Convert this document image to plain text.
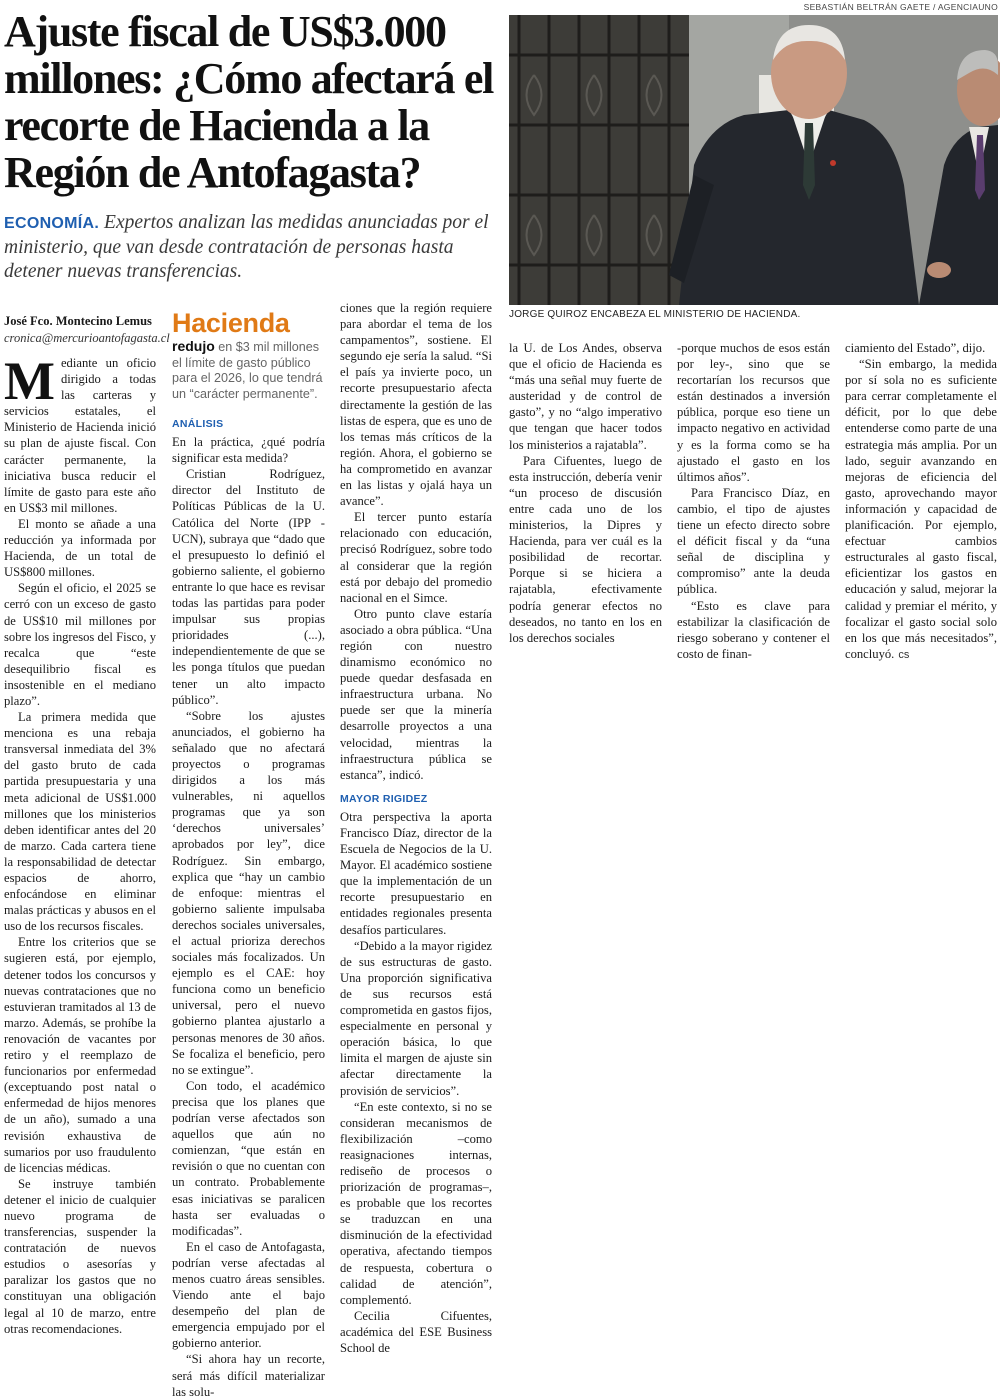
Ajuste fiscal de US$3.000 millones: ¿Cómo afectará el recorte de Hacienda a la Región de Antofagasta?

ECONOMÍA. Expertos analizan las medidas anunciadas por el ministerio, que van desde contratación de personas hasta detener nuevas transferencias.

SEBASTIÁN BELTRÁN GAETE / AGENCIAUNO
JORGE QUIROZ ENCABEZA EL MINISTERIO DE HACIENDA.
José Fco. Montecino Lemus
cronica@mercurioantofagasta.cl

Mediante un oficio dirigido a todas las carteras y servicios estatales, el Ministerio de Hacienda inició su plan de ajuste fiscal. Con carácter permanente, la iniciativa busca reducir el límite de gasto para este año en US$3 mil millones.

El monto se añade a una reducción ya informada por Hacienda, de un total de US$800 millones.

Según el oficio, el 2025 se cerró con un exceso de gasto de US$10 mil millones por sobre los ingresos del Fisco, y recalca que “este desequilibrio fiscal es insostenible en el mediano plazo”.

La primera medida que menciona es una rebaja transversal inmediata del 3% del gasto bruto de cada partida presupuestaria y una meta adicional de US$1.000 millones que los ministerios deben identificar antes del 20 de marzo. Cada cartera tiene la responsabilidad de detectar espacios de ahorro, enfocándose en eliminar malas prácticas y abusos en el uso de los recursos fiscales.

Entre los criterios que se sugieren está, por ejemplo, detener todos los concursos y nuevas contrataciones que no estuvieran tramitados al 13 de marzo. Además, se prohíbe la renovación de vacantes por retiro y el reemplazo de funcionarios por enfermedad (exceptuando post natal o enfermedad de hijos menores de un año), sumado a una revisión exhaustiva de sumarios por uso fraudulento de licencias médicas.

Se instruye también detener el inicio de cualquier nuevo programa de transferencias, suspender la contratación de nuevos estudios o asesorías y paralizar los gastos que no constituyan una obligación legal al 10 de marzo, entre otras recomendaciones.

Hacienda
redujo en $3 mil millones el límite de gasto público para el 2026, lo que tendrá un “carácter permanente”.
ANÁLISIS

En la práctica, ¿qué podría significar esta medida?

Cristian Rodríguez, director del Instituto de Políticas Públicas de la U. Católica del Norte (IPP - UCN), subraya que “dado que el presupuesto lo definió el gobierno saliente, el gobierno entrante lo que hace es revisar todas las partidas para poder impulsar sus propias prioridades (...), independientemente de que se les ponga títulos que puedan tener un alto impacto público”.

“Sobre los ajustes anunciados, el gobierno ha señalado que no afectará proyectos o programas dirigidos a los más vulnerables, ni aquellos programas que ya son ‘derechos universales’ aprobados por ley”, dice Rodríguez. Sin embargo, explica que “hay un cambio de enfoque: mientras el gobierno saliente impulsaba derechos sociales universales, el actual prioriza derechos sociales más focalizados. Un ejemplo es el CAE: hoy funciona como un beneficio universal, pero el nuevo gobierno plantea ajustarlo a personas menores de 30 años. Se focaliza el beneficio, pero no se extingue”.

Con todo, el académico precisa que los planes que podrían verse afectados son aquellos que aún no comienzan, “que están en revisión o que no cuentan con un contrato. Probablemente esas iniciativas se paralicen hasta ser evaluadas o modificadas”.

En el caso de Antofagasta, podrían verse afectadas al menos cuatro áreas sensibles. Viendo ante el bajo desempeño del plan de emergencia empujado por el gobierno anterior.

“Si ahora hay un recorte, será más difícil materializar las solu-

ciones que la región requiere para abordar el tema de los campamentos”, sostiene. El segundo eje sería la salud. “Si el país ya invierte poco, un recorte presupuestario afecta directamente la gestión de las listas de espera, que es uno de los temas más críticos de la región. Ahora, el gobierno se ha comprometido en avanzar en las listas y ojalá haya un avance”.

El tercer punto estaría relacionado con educación, precisó Rodríguez, sobre todo al considerar que la región está por debajo del promedio nacional en el Simce.

Otro punto clave estaría asociado a obra pública. “Una región con nuestro dinamismo económico no puede quedar desfasada en infraestructura urbana. No puede ser que la minería desarrolle proyectos a una velocidad, mientras la infraestructura pública se estanca”, indicó.

MAYOR RIGIDEZ

Otra perspectiva la aporta Francisco Díaz, director de la Escuela de Negocios de la U. Mayor. El académico sostiene que la implementación de un recorte presupuestario en entidades regionales presenta desafíos particulares.

“Debido a la mayor rigidez de sus estructuras de gasto. Una proporción significativa de sus recursos está comprometida en gastos fijos, especialmente en personal y operación básica, lo que limita el margen de ajuste sin afectar directamente la provisión de servicios”.

“En este contexto, si no se consideran mecanismos de flexibilización –como reasignaciones internas, rediseño de procesos o priorización de programas–, es probable que los recortes se traduzcan en una disminución de la efectividad operativa, afectando tiempos de respuesta, cobertura o calidad de atención”, complementó.

Cecilia Cifuentes, académica del ESE Business School de

la U. de Los Andes, observa que el oficio de Hacienda es “más una señal muy fuerte de austeridad y de control de gasto”, y no “algo imperativo que tengan que hacer todos los ministerios a rajatabla”.

Para Cifuentes, luego de esta instrucción, debería venir “un proceso de discusión entre cada uno de los ministerios, la Dipres y Hacienda, para ver cuál es la posibilidad de recortar. Porque si se hiciera a rajatabla, efectivamente podría generar efectos no deseados, no tanto en los en los derechos sociales

-porque muchos de esos están por ley-, sino que se recortarían los recursos que están destinados a inversión pública, porque eso tiene un impacto negativo en actividad y es la forma como se ha ajustado el gasto en los últimos años”.

Para Francisco Díaz, en cambio, el tipo de ajustes tiene un efecto directo sobre el déficit fiscal y da “una señal de disciplina y compromiso” ante la deuda pública.

“Esto es clave para estabilizar la clasificación de riesgo soberano y contener el costo de finan-

ciamiento del Estado”, dijo.

“Sin embargo, la medida por sí sola no es suficiente para cerrar completamente el déficit, por lo que debe entenderse como parte de una estrategia más amplia. Por un lado, seguir avanzando en mejoras de eficiencia del gasto, aprovechando mayor información y capacidad de planificación. Por ejemplo, efectuar cambios estructurales al gasto fiscal, eficientizar los gastos en educación y salud, mejorar la calidad y premiar el mérito, y focalizar el gasto social solo en los que más necesitados”, concluyó. cs
